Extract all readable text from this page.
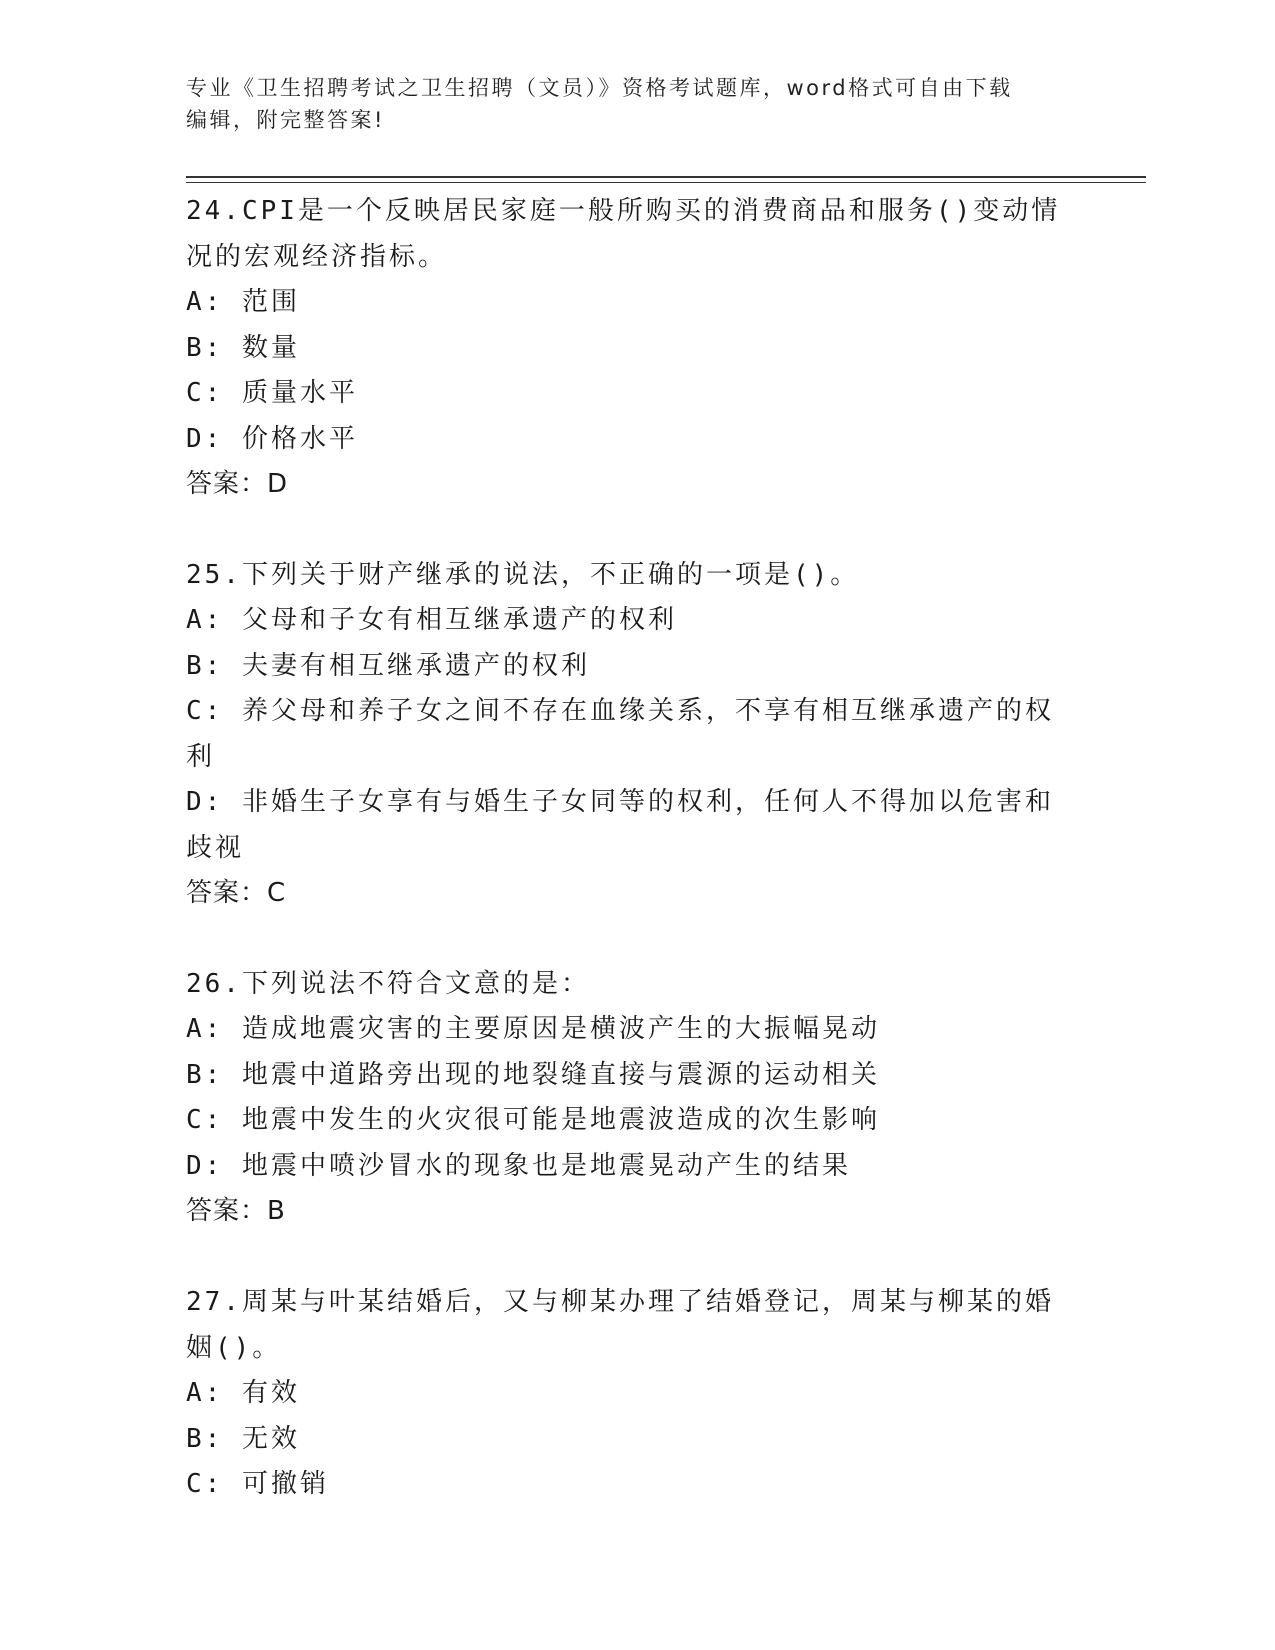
专业《卫生招聘考试之卫生招聘（文员）》资格考试题库，word格式可自由下载
编辑，附完整答案!

24.CPI是一个反映居民家庭一般所购买的消费商品和服务()变动情况的宏观经济指标。

A: 范围

B: 数量

C: 质量水平

D: 价格水平

答案：D

25.下列关于财产继承的说法，不正确的一项是()。

A: 父母和子女有相互继承遗产的权利

B: 夫妻有相互继承遗产的权利

C: 养父母和养子女之间不存在血缘关系，不享有相互继承遗产的权利

D: 非婚生子女享有与婚生子女同等的权利，任何人不得加以危害和歧视

答案：C

26.下列说法不符合文意的是：

A: 造成地震灾害的主要原因是横波产生的大振幅晃动

B: 地震中道路旁出现的地裂缝直接与震源的运动相关

C: 地震中发生的火灾很可能是地震波造成的次生影响

D: 地震中喷沙冒水的现象也是地震晃动产生的结果

答案：B

27.周某与叶某结婚后，又与柳某办理了结婚登记，周某与柳某的婚姻()。

A: 有效

B: 无效

C: 可撤销
